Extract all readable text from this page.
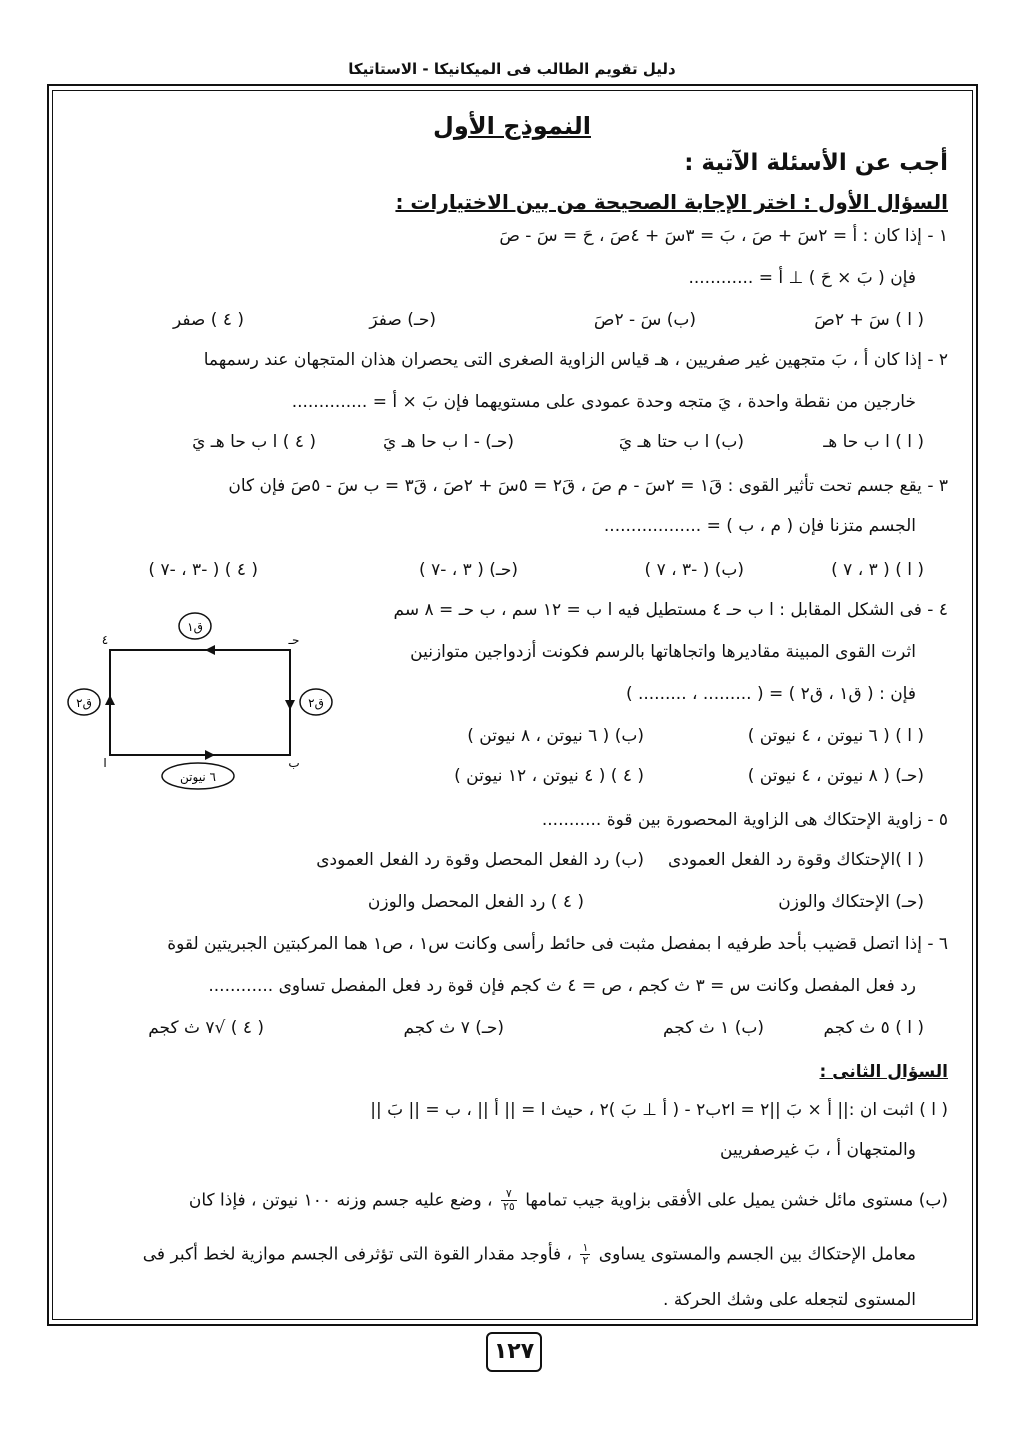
دليل تقويم الطالب فى الميكانيكا - الاستاتيكا
النموذج الأول
أجب عن الأسئلة الآتية :
السؤال الأول : اختر الإجابة الصحيحة من بين الاختيارات :
١ - إذا كان : أ = ٢سَ + صَ ، بَ = ٣سَ + ٤صَ ، حَ = سَ - صَ
فإن ( بَ × حَ ) ⊥ أ = ............
( ا ) سَ + ٢صَ
(ب) سَ - ٢صَ
(حـ) صفرَ
( ٤ ) صفر
٢ - إذا كان أ ، بَ متجهين غير صفريين ، هـ قياس الزاوية الصغرى التى يحصران هذان المتجهان عند رسمهما
خارجين من نقطة واحدة ، يَ متجه وحدة عمودى على مستويهما فإن بَ × أ = ..............
( ا ) ا ب حا هـ
(ب) ا ب حتا هـ يَ
(حـ) - ا ب حا هـ يَ
( ٤ ) ا ب حا هـ يَ
٣ - يقع جسم تحت تأثير القوى : قَ١ = ٢سَ - م صَ ، قَ٢ = ٥سَ + ٢صَ ، قَ٣ = ب سَ - ٥صَ فإن كان
الجسم متزنا فإن ( م ، ب ) = ..................
( ا ) ( ٣ ، ٧ )
(ب) ( -٣ ، ٧ )
(حـ) ( ٣ ، -٧ )
( ٤ ) ( -٣ ، -٧ )
٤ - فى الشكل المقابل : ا ب حـ ٤ مستطيل فيه ا ب = ١٢ سم ، ب حـ = ٨ سم
اثرت القوى المبينة مقاديرها واتجاهاتها بالرسم فكونت أزدواجين متوازنين
فإن : ( ق١ ، ق٢ ) = ( ......... ، ......... )
( ا ) ( ٦ نيوتن ، ٤ نيوتن )
(ب) ( ٦ نيوتن ، ٨ نيوتن )
(حـ) ( ٨ نيوتن ، ٤ نيوتن )
( ٤ ) ( ٤ نيوتن ، ١٢ نيوتن )
ق١
ق٢	ق٢
٦ نيوتن
٤	حـ
ا	ب
٥ - زاوية الإحتكاك هى الزاوية المحصورة بين قوة ...........
( ا )الإحتكاك وقوة رد الفعل العمودى
(ب) رد الفعل المحصل وقوة رد الفعل العمودى
(حـ) الإحتكاك والوزن
( ٤ ) رد الفعل المحصل والوزن
٦ - إذا اتصل قضيب بأحد طرفيه ا بمفصل مثبت فى حائط رأسى وكانت س١ ، ص١ هما المركبتين الجبريتين لقوة
رد فعل المفصل وكانت س = ٣ ث كجم ، ص = ٤ ث كجم فإن قوة رد فعل المفصل تساوى ............
( ا ) ٥ ث كجم
(ب) ١ ث كجم
(حـ) ٧ ث كجم
( ٤ ) √٧ ث كجم
السؤال الثانى :
( ا ) اثبت ان :|| أ × بَ ||٢ = ا٢ب٢ - ( أ ⊥ بَ )٢ ، حيث ا = || أ || ، ب = || بَ ||
والمتجهان أ ، بَ غيرصفريين
(ب) مستوى مائل خشن يميل على الأفقى بزاوية جيب تمامها
$\frac{٧}{٢٥}$
، وضع عليه جسم وزنه ١٠٠ نيوتن ، فإذا كان
معامل الإحتكاك بين الجسم والمستوى يساوى
$\frac{١}{٢}$
، فأوجد مقدار القوة التى تؤثرفى الجسم موازية لخط أكبر فى
المستوى لتجعله على وشك الحركة .
١٢٧
